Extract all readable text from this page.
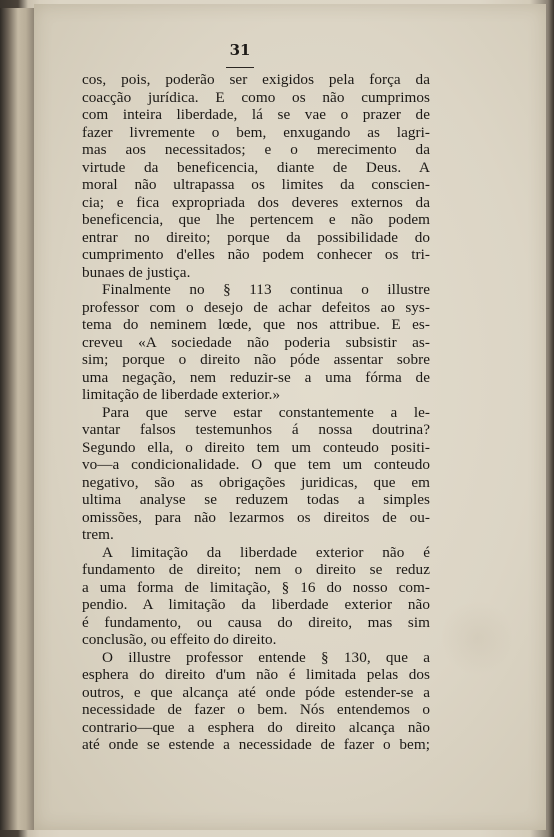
31
cos, pois, poderão ser exigidos pela força da
coacção jurídica. E como os não cumprimos
com inteira liberdade, lá se vae o prazer de
fazer livremente o bem, enxugando as lagri-
mas aos necessitados; e o merecimento da
virtude da beneficencia, diante de Deus. A
moral não ultrapassa os limites da conscien-
cia; e fica expropriada dos deveres externos da
beneficencia, que lhe pertencem e não podem
entrar no direito; porque da possibilidade do
cumprimento d'elles não podem conhecer os tri-
bunaes de justiça.
Finalmente no § 113 continua o illustre
professor com o desejo de achar defeitos ao sys-
tema do neminem lœde, que nos attribue. E es-
creveu «A sociedade não poderia subsistir as-
sim; porque o direito não póde assentar sobre
uma negação, nem reduzir-se a uma fórma de
limitação de liberdade exterior.»
Para que serve estar constantemente a le-
vantar falsos testemunhos á nossa doutrina?
Segundo ella, o direito tem um conteudo positi-
vo—a condicionalidade. O que tem um conteudo
negativo, são as obrigações juridicas, que em
ultima analyse se reduzem todas a simples
omissões, para não lezarmos os direitos de ou-
trem.
A limitação da liberdade exterior não é
fundamento de direito; nem o direito se reduz
a uma forma de limitação, § 16 do nosso com-
pendio. A limitação da liberdade exterior não
é fundamento, ou causa do direito, mas sim
conclusão, ou effeito do direito.
O illustre professor entende § 130, que a
esphera do direito d'um não é limitada pelas dos
outros, e que alcança até onde póde estender-se a
necessidade de fazer o bem. Nós entendemos o
contrario—que a esphera do direito alcança não
até onde se estende a necessidade de fazer o bem;
